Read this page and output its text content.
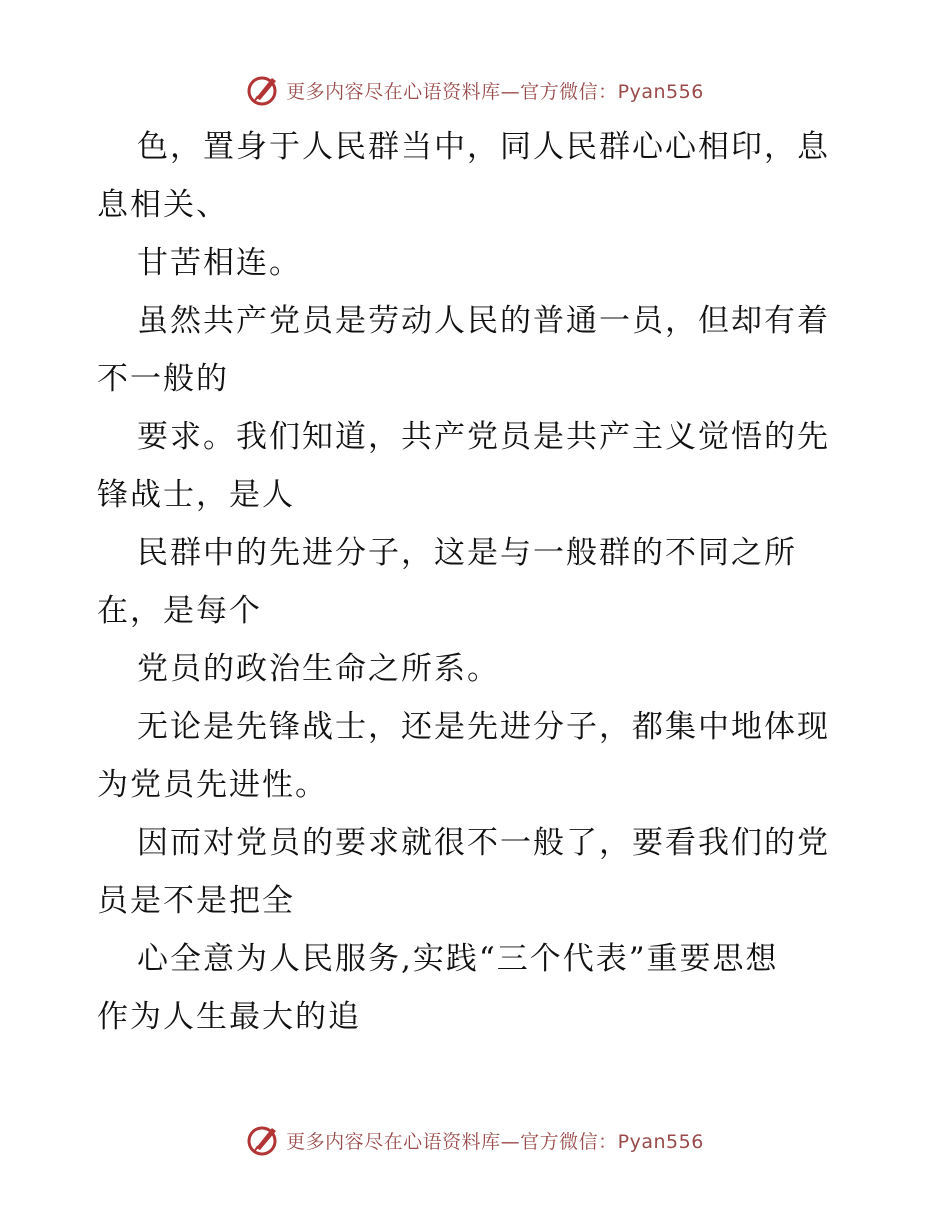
更多内容尽在心语资料库—官方微信：Pyan556
色，置身于人民群当中，同人民群心心相印，息
息相关、
甘苦相连。
虽然共产党员是劳动人民的普通一员，但却有着
不一般的
要求。我们知道，共产党员是共产主义觉悟的先
锋战士，是人
民群中的先进分子，这是与一般群的不同之所
在，是每个
党员的政治生命之所系。
无论是先锋战士，还是先进分子，都集中地体现
为党员先进性。
因而对党员的要求就很不一般了，要看我们的党
员是不是把全
心全意为人民服务,实践“三个代表”重要思想
作为人生最大的追
更多内容尽在心语资料库—官方微信：Pyan556
